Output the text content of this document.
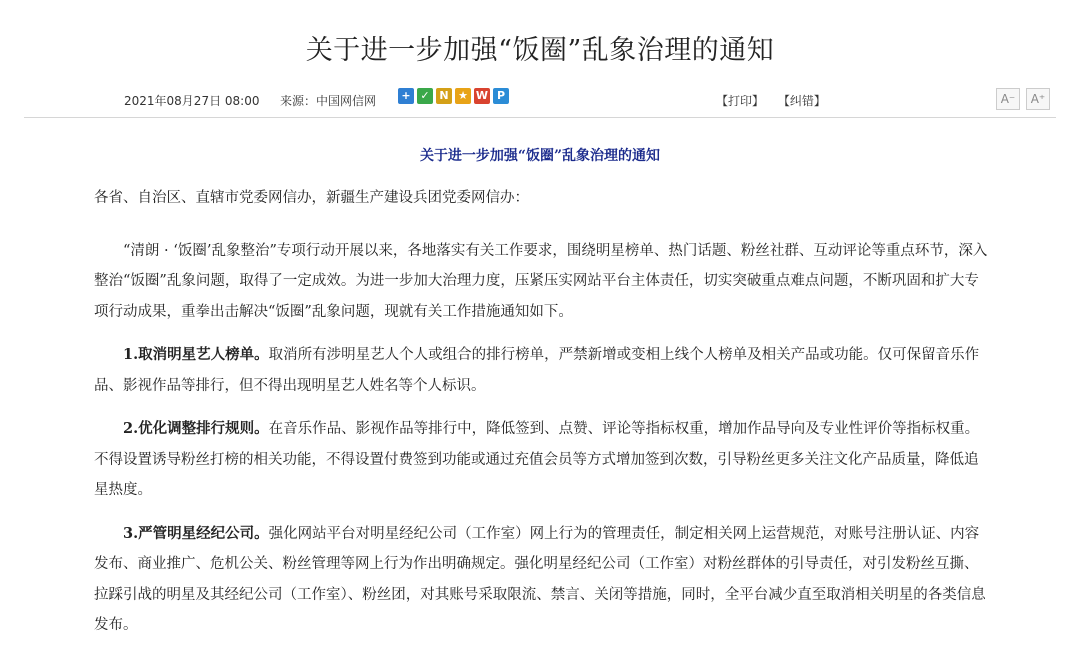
关于进一步加强“饭圈”乱象治理的通知
2021年08月27日 08:00 来源：中国网信网	+ ✓ N ★ W P	【打印】 【纠错】	A⁻	A⁺
关于进一步加强“饭圈”乱象治理的通知

各省、自治区、直辖市党委网信办，新疆生产建设兵团党委网信办：

“清朗 · ‘饭圈’乱象整治”专项行动开展以来，各地落实有关工作要求，围绕明星榜单、热门话题、粉丝社群、互动评论等重点环节，深入整治“饭圈”乱象问题，取得了一定成效。为进一步加大治理力度，压紧压实网站平台主体责任，切实突破重点难点问题，不断巩固和扩大专项行动成果，重拳出击解决“饭圈”乱象问题，现就有关工作措施通知如下。

1.取消明星艺人榜单。取消所有涉明星艺人个人或组合的排行榜单，严禁新增或变相上线个人榜单及相关产品或功能。仅可保留音乐作品、影视作品等排行，但不得出现明星艺人姓名等个人标识。

2.优化调整排行规则。在音乐作品、影视作品等排行中，降低签到、点赞、评论等指标权重，增加作品导向及专业性评价等指标权重。不得设置诱导粉丝打榜的相关功能，不得设置付费签到功能或通过充值会员等方式增加签到次数，引导粉丝更多关注文化产品质量，降低追星热度。

3.严管明星经纪公司。强化网站平台对明星经纪公司（工作室）网上行为的管理责任，制定相关网上运营规范，对账号注册认证、内容发布、商业推广、危机公关、粉丝管理等网上行为作出明确规定。强化明星经纪公司（工作室）对粉丝群体的引导责任，对引发粉丝互撕、拉踩引战的明星及其经纪公司（工作室）、粉丝团，对其账号采取限流、禁言、关闭等措施，同时，全平台减少直至取消相关明星的各类信息发布。
